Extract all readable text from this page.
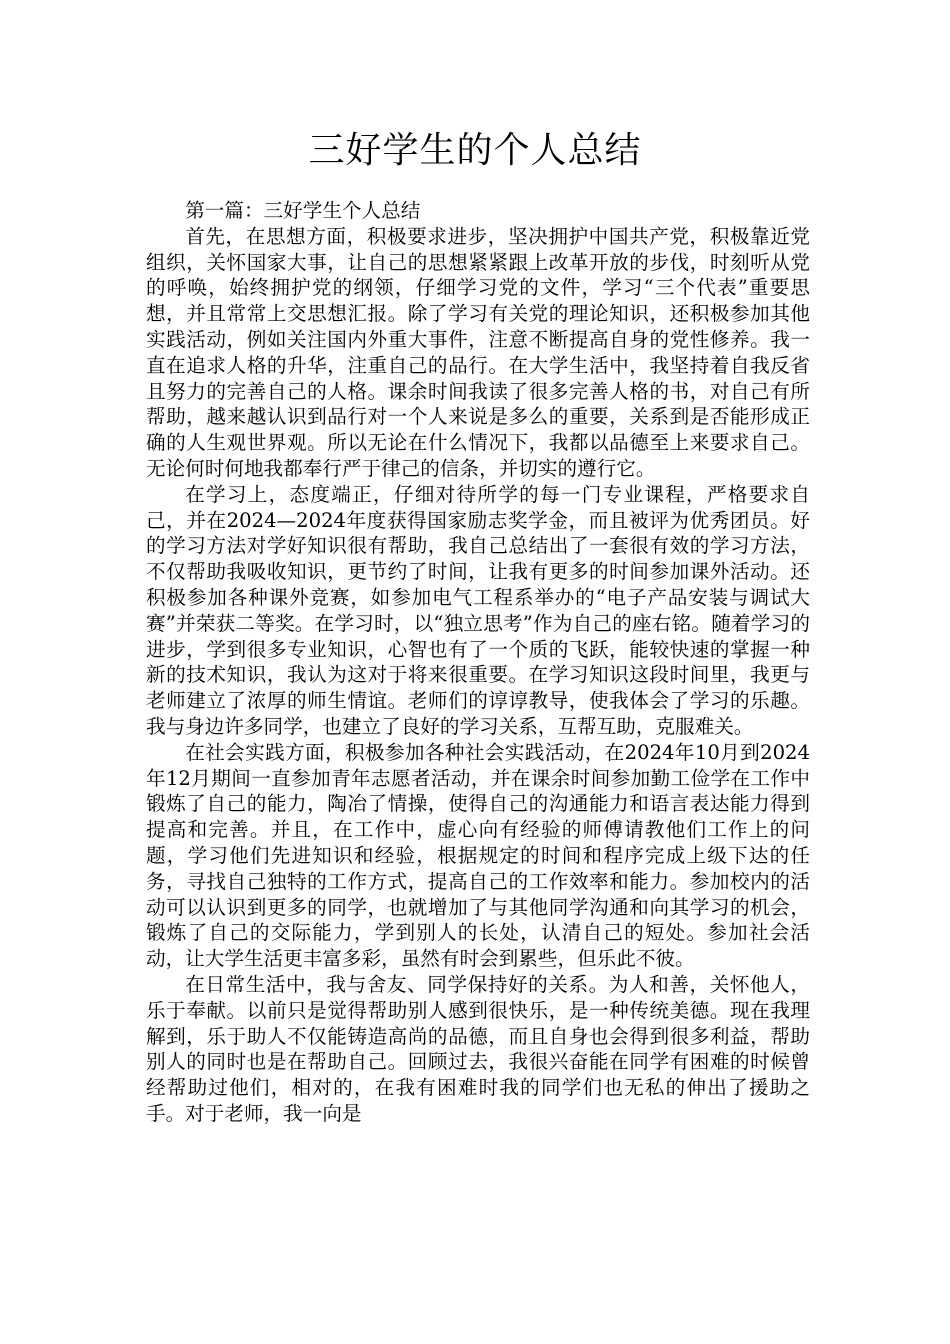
三好学生的个人总结

第一篇：三好学生个人总结

首先，在思想方面，积极要求进步，坚决拥护中国共产党，积极靠近党组织，关怀国家大事，让自己的思想紧紧跟上改革开放的步伐，时刻听从党的呼唤，始终拥护党的纲领，仔细学习党的文件，学习“三个代表”重要思想，并且常常上交思想汇报。除了学习有关党的理论知识，还积极参加其他实践活动，例如关注国内外重大事件，注意不断提高自身的党性修养。我一直在追求人格的升华，注重自己的品行。在大学生活中，我坚持着自我反省且努力的完善自己的人格。课余时间我读了很多完善人格的书，对自己有所帮助，越来越认识到品行对一个人来说是多么的重要，关系到是否能形成正确的人生观世界观。所以无论在什么情况下，我都以品德至上来要求自己。无论何时何地我都奉行严于律己的信条，并切实的遵行它。

在学习上，态度端正，仔细对待所学的每一门专业课程，严格要求自己，并在2024—2024年度获得国家励志奖学金，而且被评为优秀团员。好的学习方法对学好知识很有帮助，我自己总结出了一套很有效的学习方法，不仅帮助我吸收知识，更节约了时间，让我有更多的时间参加课外活动。还积极参加各种课外竞赛，如参加电气工程系举办的“电子产品安装与调试大赛”并荣获二等奖。在学习时，以“独立思考”作为自己的座右铭。随着学习的进步，学到很多专业知识，心智也有了一个质的飞跃，能较快速的掌握一种新的技术知识，我认为这对于将来很重要。在学习知识这段时间里，我更与老师建立了浓厚的师生情谊。老师们的谆谆教导，使我体会了学习的乐趣。我与身边许多同学，也建立了良好的学习关系，互帮互助，克服难关。

在社会实践方面，积极参加各种社会实践活动，在2024年10月到2024年12月期间一直参加青年志愿者活动，并在课余时间参加勤工俭学在工作中锻炼了自己的能力，陶冶了情操，使得自己的沟通能力和语言表达能力得到提高和完善。并且，在工作中，虚心向有经验的师傅请教他们工作上的问题，学习他们先进知识和经验，根据规定的时间和程序完成上级下达的任务，寻找自己独特的工作方式，提高自己的工作效率和能力。参加校内的活动可以认识到更多的同学，也就增加了与其他同学沟通和向其学习的机会，锻炼了自己的交际能力，学到别人的长处，认清自己的短处。参加社会活动，让大学生活更丰富多彩，虽然有时会到累些，但乐此不彼。

在日常生活中，我与舍友、同学保持好的关系。为人和善，关怀他人，乐于奉献。以前只是觉得帮助别人感到很快乐，是一种传统美德。现在我理解到，乐于助人不仅能铸造高尚的品德，而且自身也会得到很多利益，帮助别人的同时也是在帮助自己。回顾过去，我很兴奋能在同学有困难的时候曾经帮助过他们，相对的，在我有困难时我的同学们也无私的伸出了援助之手。对于老师，我一向是
